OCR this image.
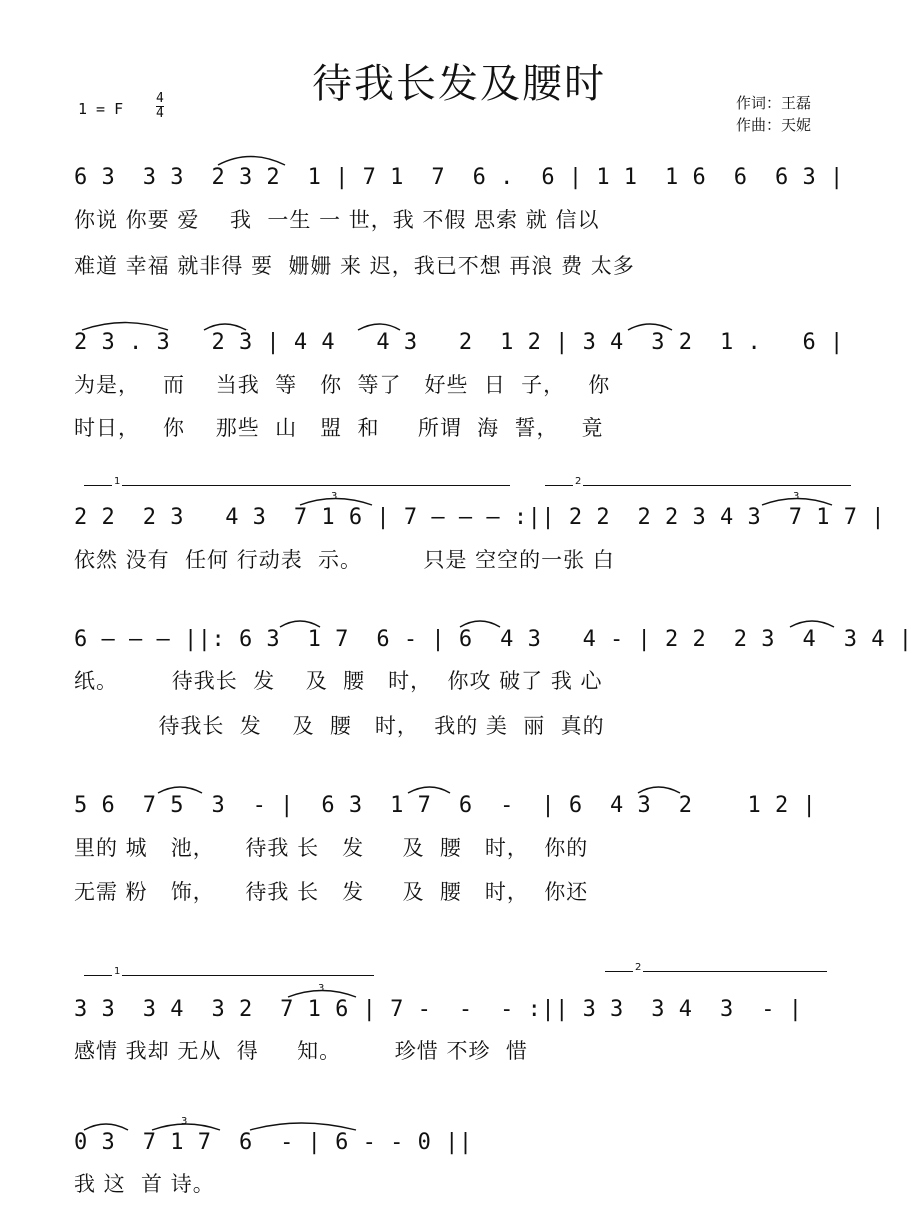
待我长发及腰时
1 = F	$\frac{4}{4}$	作词：王磊
作曲：天妮
6 3  3 3  2 3 2  1 | 7 1  7  6 .  6 | 1 1  1 6  6  6 3 |
你说 你要 爱    我  一生 一 世，我 不假 思索 就 信以
难道 幸福 就非得 要  姗姗 来 迟，我已不想 再浪 费 太多
2 3 . 3   2 3 | 4 4   4 3   2  1 2 | 3 4  3 2  1 .   6 |
为是，   而    当我  等   你  等了   好些  日  子，   你
时日，   你    那些  山   盟  和     所谓  海  誓，   竟
1	2
2 2  2 3   4 3  7 1 6 | 7 — — — :|| 2 2  2 2 3 4 3  7 1 7 |
依然 没有  任何 行动表  示。        只是 空空的一张 白
6 — — — ||: 6 3  1 7  6 - | 6  4 3   4 - | 2 2  2 3  4  3 4 |
纸。       待我长  发    及  腰   时，  你攻 破了 我 心
待我长  发    及  腰   时，  我的 美  丽  真的
5 6  7 5  3  - |  6 3  1 7  6  -  | 6  4 3  2    1 2 |
里的 城   池，    待我 长   发     及  腰   时，  你的
无需 粉   饰，    待我 长   发     及  腰   时，  你还
1	2
3 3  3 4  3 2  7 1 6 | 7 -  -  - :|| 3 3  3 4  3  - |
感情 我却 无从  得     知。       珍惜 不珍  惜
0 3  7 1 7  6  - | 6 - - 0 ||
我 这  首 诗。
3	3
3
3
